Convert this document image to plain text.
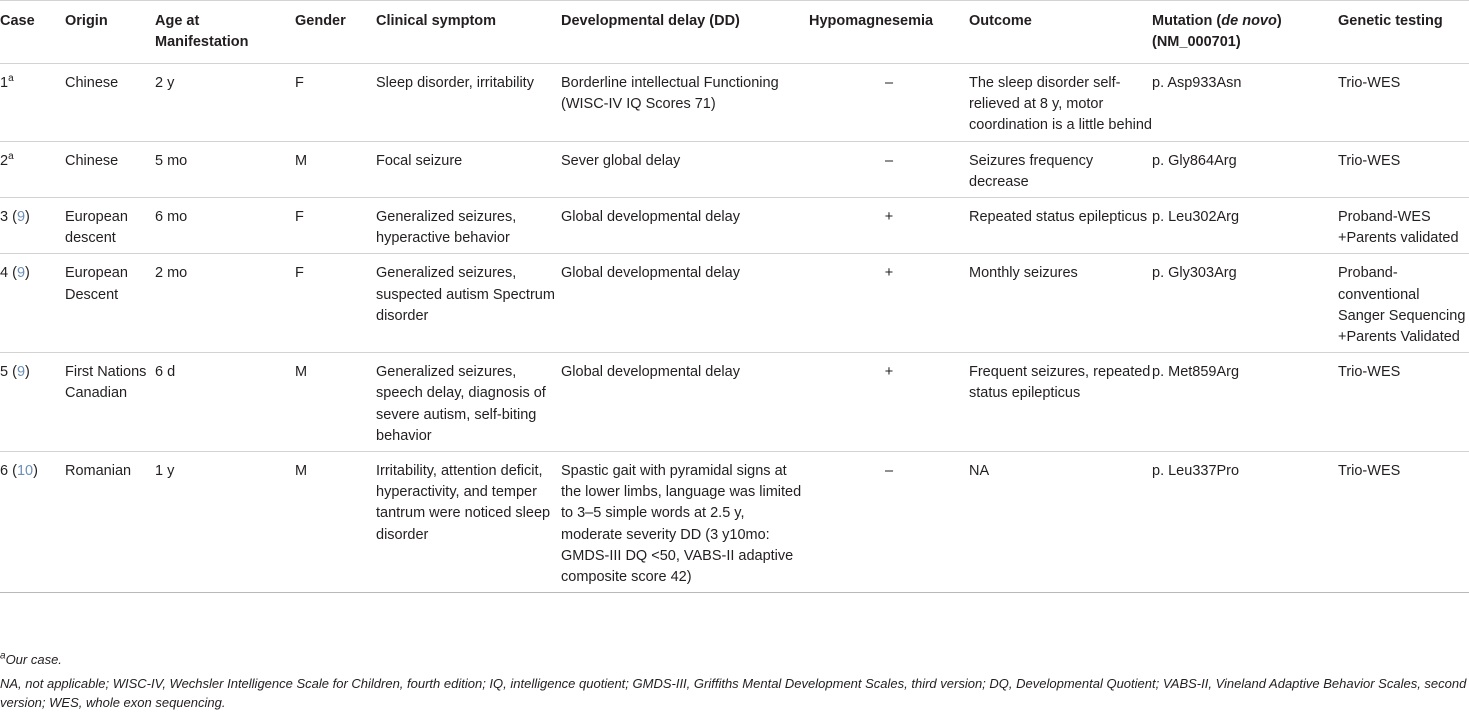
Case	Origin	Age at Manifestation	Gender	Clinical symptom	Developmental delay (DD)	Hypomagnesemia	Outcome	Mutation (de novo) (NM_000701)	Genetic testing
1$^a$	Chinese	2 y	F	Sleep disorder, irritability	Borderline intellectual Functioning (WISC-IV IQ Scores 71)	–	The sleep disorder self-relieved at 8 y, motor coordination is a little behind	p. Asp933Asn	Trio-WES
2$^a$	Chinese	5 mo	M	Focal seizure	Sever global delay	–	Seizures frequency decrease	p. Gly864Arg	Trio-WES
3 (9)	European descent	6 mo	F	Generalized seizures, hyperactive behavior	Global developmental delay	+	Repeated status epilepticus	p. Leu302Arg	Proband-WES +Parents validated
4 (9)	European Descent	2 mo	F	Generalized seizures, suspected autism Spectrum disorder	Global developmental delay	+	Monthly seizures	p. Gly303Arg	Proband-conventional Sanger Sequencing +Parents Validated
5 (9)	First Nations Canadian	6 d	M	Generalized seizures, speech delay, diagnosis of severe autism, self-biting behavior	Global developmental delay	+	Frequent seizures, repeated status epilepticus	p. Met859Arg	Trio-WES
6 (10)	Romanian	1 y	M	Irritability, attention deficit, hyperactivity, and temper tantrum were noticed sleep disorder	Spastic gait with pyramidal signs at the lower limbs, language was limited to 3–5 simple words at 2.5 y, moderate severity DD (3 y10mo: GMDS-III DQ <50, VABS-II adaptive composite score 42)	–	NA	p. Leu337Pro	Trio-WES

$^a$Our case.

NA, not applicable; WISC-IV, Wechsler Intelligence Scale for Children, fourth edition; IQ, intelligence quotient; GMDS-III, Griffiths Mental Development Scales, third version; DQ, Developmental Quotient; VABS-II, Vineland Adaptive Behavior Scales, second version; WES, whole exon sequencing.
